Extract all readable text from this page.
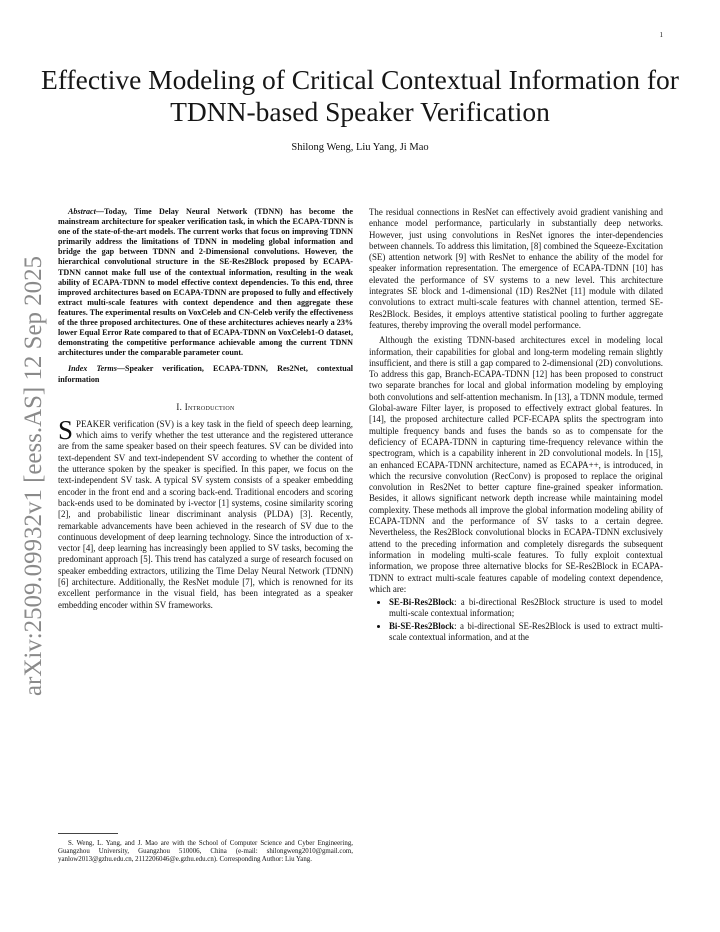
1
Effective Modeling of Critical Contextual Information for TDNN-based Speaker Verification
Shilong Weng, Liu Yang, Ji Mao
arXiv:2509.09932v1 [eess.AS] 12 Sep 2025

Abstract—Today, Time Delay Neural Network (TDNN) has become the mainstream architecture for speaker verification task, in which the ECAPA-TDNN is one of the state-of-the-art models. The current works that focus on improving TDNN primarily address the limitations of TDNN in modeling global information and bridge the gap between TDNN and 2-Dimensional convolutions. However, the hierarchical convolutional structure in the SE-Res2Block proposed by ECAPA-TDNN cannot make full use of the contextual information, resulting in the weak ability of ECAPA-TDNN to model effective context dependencies. To this end, three improved architectures based on ECAPA-TDNN are proposed to fully and effectively extract multi-scale features with context dependence and then aggregate these features. The experimental results on VoxCeleb and CN-Celeb verify the effectiveness of the three proposed architectures. One of these architectures achieves nearly a 23% lower Equal Error Rate compared to that of ECAPA-TDNN on VoxCeleb1-O dataset, demonstrating the competitive performance achievable among the current TDNN architectures under the comparable parameter count.

Index Terms—Speaker verification, ECAPA-TDNN, Res2Net, contextual information

I. Introduction

SPEAKER verification (SV) is a key task in the field of speech deep learning, which aims to verify whether the test utterance and the registered utterance are from the same speaker based on their speech features. SV can be divided into text-dependent SV and text-independent SV according to whether the content of the utterance spoken by the speaker is specified. In this paper, we focus on the text-independent SV task. A typical SV system consists of a speaker embedding encoder in the front end and a scoring back-end. Traditional encoders and scoring back-ends used to be dominated by i-vector [1] systems, cosine similarity scoring [2], and probabilistic linear discriminant analysis (PLDA) [3]. Recently, remarkable advancements have been achieved in the research of SV due to the continuous development of deep learning technology. Since the introduction of x-vector [4], deep learning has increasingly been applied to SV tasks, becoming the predominant approach [5]. This trend has catalyzed a surge of research focused on speaker embedding extractors, utilizing the Time Delay Neural Network (TDNN) [6] architecture. Additionally, the ResNet module [7], which is renowned for its excellent performance in the visual field, has been integrated as a speaker embedding encoder within SV frameworks.

S. Weng, L. Yang, and J. Mao are with the School of Computer Science and Cyber Engineering, Guangzhou University, Guangzhou 510006, China (e-mail: shilongweng2010@gmail.com, yanlow2013@gzhu.edu.cn, 2112206046@e.gzhu.edu.cn). Corresponding Author: Liu Yang.

The residual connections in ResNet can effectively avoid gradient vanishing and enhance model performance, particularly in substantially deep networks. However, just using convolutions in ResNet ignores the inter-dependencies between channels. To address this limitation, [8] combined the Squeeze-Excitation (SE) attention network [9] with ResNet to enhance the ability of the model for speaker information representation. The emergence of ECAPA-TDNN [10] has elevated the performance of SV systems to a new level. This architecture integrates SE block and 1-dimensional (1D) Res2Net [11] module with dilated convolutions to extract multi-scale features with channel attention, termed SE-Res2Block. Besides, it employs attentive statistical pooling to further aggregate features, thereby improving the overall model performance.

Although the existing TDNN-based architectures excel in modeling local information, their capabilities for global and long-term modeling remain slightly insufficient, and there is still a gap compared to 2-dimensional (2D) convolutions. To address this gap, Branch-ECAPA-TDNN [12] has been proposed to construct two separate branches for local and global information modeling by employing both convolutions and self-attention mechanism. In [13], a TDNN module, termed Global-aware Filter layer, is proposed to effectively extract global features. In [14], the proposed architecture called PCF-ECAPA splits the spectrogram into multiple frequency bands and fuses the bands so as to compensate for the deficiency of ECAPA-TDNN in capturing time-frequency relevance within the spectrogram, which is a capability inherent in 2D convolutional models. In [15], an enhanced ECAPA-TDNN architecture, named as ECAPA++, is introduced, in which the recursive convolution (RecConv) is proposed to replace the original convolution in Res2Net to better capture fine-grained speaker information. Besides, it allows significant network depth increase while maintaining model complexity. These methods all improve the global information modeling ability of ECAPA-TDNN and the performance of SV tasks to a certain degree. Nevertheless, the Res2Block convolutional blocks in ECAPA-TDNN exclusively attend to the preceding information and completely disregards the subsequent information in modeling multi-scale features. To fully exploit contextual information, we propose three alternative blocks for SE-Res2Block in ECAPA-TDNN to extract multi-scale features capable of modeling context dependence, which are:

• SE-Bi-Res2Block: a bi-directional Res2Block structure is used to model multi-scale contextual information;
• Bi-SE-Res2Block: a bi-directional SE-Res2Block is used to extract multi-scale contextual information, and at the
